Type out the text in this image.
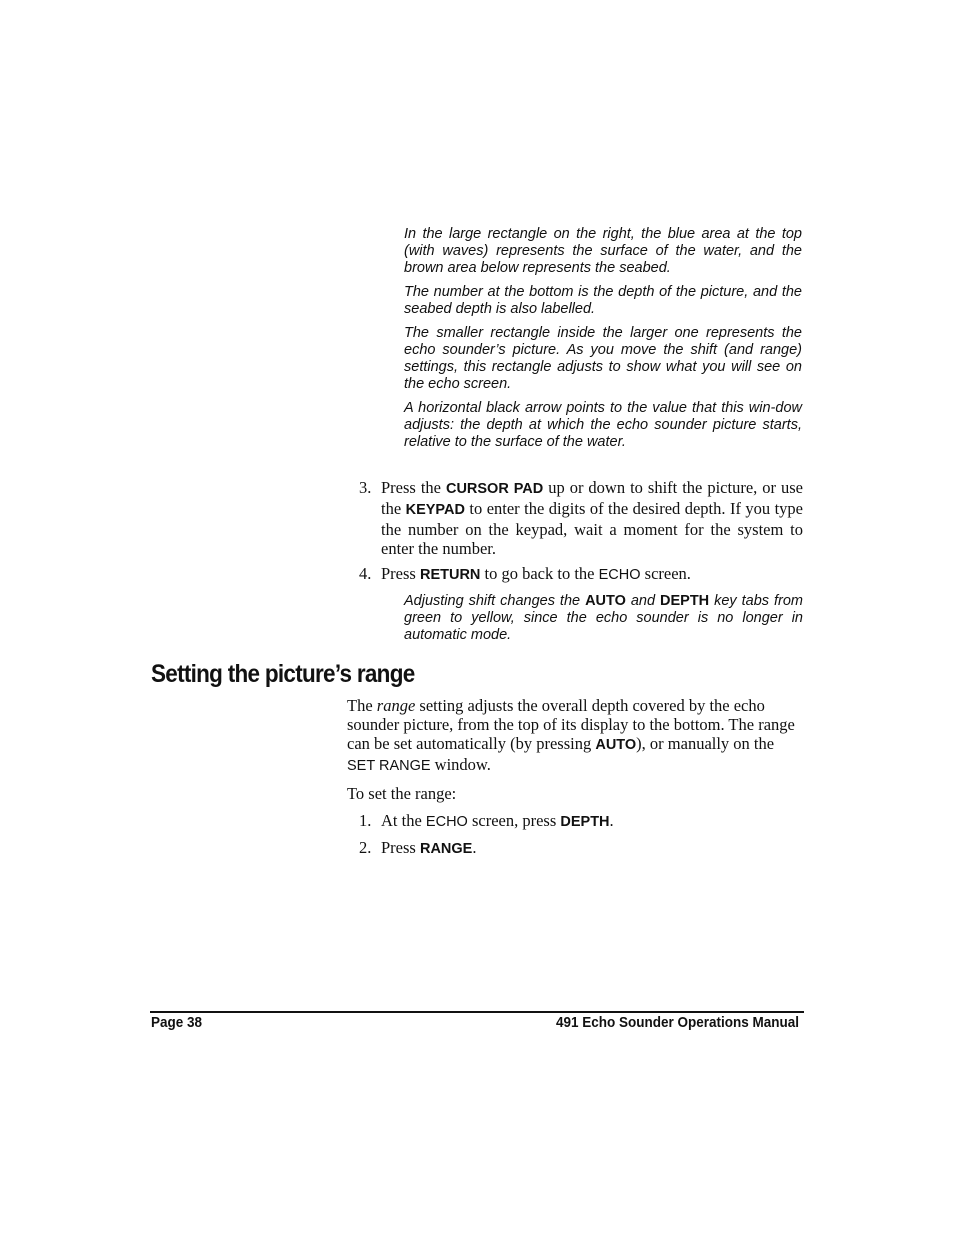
In the large rectangle on the right, the blue area at the top (with waves) represents the surface of the water, and the brown area below represents the seabed.

The number at the bottom is the depth of the picture, and the seabed depth is also labelled.

The smaller rectangle inside the larger one represents the echo sounder’s picture. As you move the shift (and range) settings, this rectangle adjusts to show what you will see on the echo screen.

A horizontal black arrow points to the value that this win-dow adjusts: the depth at which the echo sounder picture starts, relative to the surface of the water.

3. Press the CURSOR PAD up or down to shift the picture, or use the KEYPAD to enter the digits of the desired depth. If you type the number on the keypad, wait a moment for the system to enter the number.
4. Press RETURN to go back to the ECHO screen.
Adjusting shift changes the AUTO and DEPTH key tabs from green to yellow, since the echo sounder is no longer in automatic mode.
Setting the picture’s range

The range setting adjusts the overall depth covered by the echo sounder picture, from the top of its display to the bottom. The range can be set automatically (by pressing AUTO), or manually on the SET RANGE window.

To set the range:

1. At the ECHO screen, press DEPTH.
2. Press RANGE.
Page 38	491 Echo Sounder Operations Manual
